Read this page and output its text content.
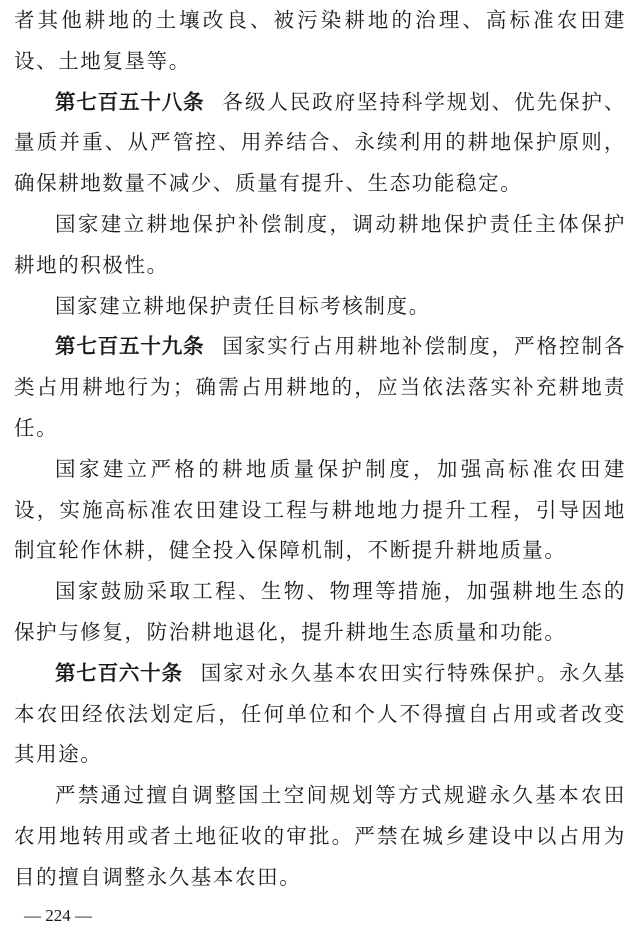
者其他耕地的土壤改良、被污染耕地的治理、高标准农田建设、土地复垦等。

第七百五十八条 各级人民政府坚持科学规划、优先保护、量质并重、从严管控、用养结合、永续利用的耕地保护原则，确保耕地数量不减少、质量有提升、生态功能稳定。

国家建立耕地保护补偿制度，调动耕地保护责任主体保护耕地的积极性。

国家建立耕地保护责任目标考核制度。

第七百五十九条 国家实行占用耕地补偿制度，严格控制各类占用耕地行为；确需占用耕地的，应当依法落实补充耕地责任。

国家建立严格的耕地质量保护制度，加强高标准农田建设，实施高标准农田建设工程与耕地地力提升工程，引导因地制宜轮作休耕，健全投入保障机制，不断提升耕地质量。

国家鼓励采取工程、生物、物理等措施，加强耕地生态的保护与修复，防治耕地退化，提升耕地生态质量和功能。

第七百六十条 国家对永久基本农田实行特殊保护。永久基本农田经依法划定后，任何单位和个人不得擅自占用或者改变其用途。

严禁通过擅自调整国土空间规划等方式规避永久基本农田农用地转用或者土地征收的审批。严禁在城乡建设中以占用为目的擅自调整永久基本农田。

— 224 —
